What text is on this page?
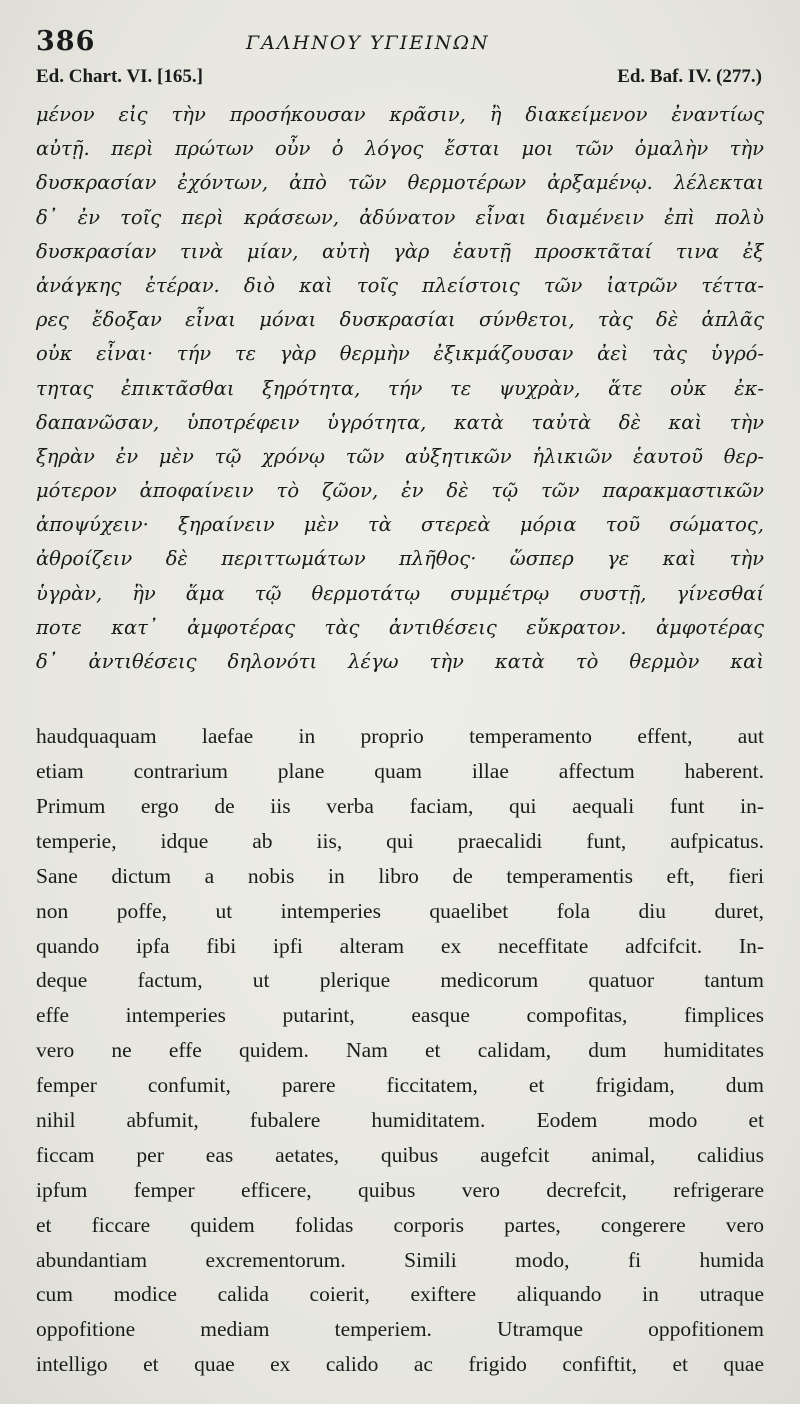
386	ΓΑΛΗΝΟΥ ΥΓΙΕΙΝΩΝ
Ed. Chart. VI. [165.]	Ed. Baf. IV. (277.)
μένον εἰς τὴν προσήκουσαν κρᾶσιν, ἢ διακείμενον ἐναντίως
αὐτῇ. περὶ πρώτων οὖν ὁ λόγος ἔσται μοι τῶν ὁμαλὴν τὴν
δυσκρασίαν ἐχόντων, ἀπὸ τῶν θερμοτέρων ἀρξαμένῳ. λέλεκται
δ᾽ ἐν τοῖς περὶ κράσεων, ἀδύνατον εἶναι διαμένειν ἐπὶ πολὺ
δυσκρασίαν τινὰ μίαν, αὐτὴ γὰρ ἑαυτῇ προσκτᾶταί τινα ἐξ
ἀνάγκης ἑτέραν. διὸ καὶ τοῖς πλείστοις τῶν ἰατρῶν τέττα-
ρες ἔδοξαν εἶναι μόναι δυσκρασίαι σύνθετοι, τὰς δὲ ἁπλᾶς
οὐκ εἶναι· τήν τε γὰρ θερμὴν ἐξικμάζουσαν ἀεὶ τὰς ὑγρό-
τητας ἐπικτᾶσθαι ξηρότητα, τήν τε ψυχρὰν, ἅτε οὐκ ἐκ-
δαπανῶσαν, ὑποτρέφειν ὑγρότητα, κατὰ ταὐτὰ δὲ καὶ τὴν
ξηρὰν ἐν μὲν τῷ χρόνῳ τῶν αὐξητικῶν ἡλικιῶν ἑαυτοῦ θερ-
μότερον ἀποφαίνειν τὸ ζῶον, ἐν δὲ τῷ τῶν παρακμαστικῶν
ἀποψύχειν· ξηραίνειν μὲν τὰ στερεὰ μόρια τοῦ σώματος,
ἀθροίζειν δὲ περιττωμάτων πλῆθος· ὥσπερ γε καὶ τὴν
ὑγρὰν, ἣν ἅμα τῷ θερμοτάτῳ συμμέτρῳ συστῇ, γίνεσθαί
ποτε κατ᾽ ἀμφοτέρας τὰς ἀντιθέσεις εὔκρατον. ἀμφοτέρας
δ᾽ ἀντιθέσεις δηλονότι λέγω τὴν κατὰ τὸ θερμὸν καὶ
haudquaquam laefae in proprio temperamento effent, aut
etiam contrarium plane quam illae affectum haberent.
Primum ergo de iis verba faciam, qui aequali funt in-
temperie, idque ab iis, qui praecalidi funt, aufpicatus.
Sane dictum a nobis in libro de temperamentis eft, fieri
non poffe, ut intemperies quaelibet fola diu duret,
quando ipfa fibi ipfi alteram ex neceffitate adfcifcit. In-
deque factum, ut plerique medicorum quatuor tantum
effe intemperies putarint, easque compofitas, fimplices
vero ne effe quidem. Nam et calidam, dum humiditates
femper confumit, parere ficcitatem, et frigidam, dum
nihil abfumit, fubalere humiditatem. Eodem modo et
ficcam per eas aetates, quibus augefcit animal, calidius
ipfum femper efficere, quibus vero decrefcit, refrigerare
et ficcare quidem folidas corporis partes, congerere vero
abundantiam excrementorum. Simili modo, fi humida
cum modice calida coierit, exiftere aliquando in utraque
oppofitione mediam temperiem. Utramque oppofitionem
intelligo et quae ex calido ac frigido confiftit, et quae
